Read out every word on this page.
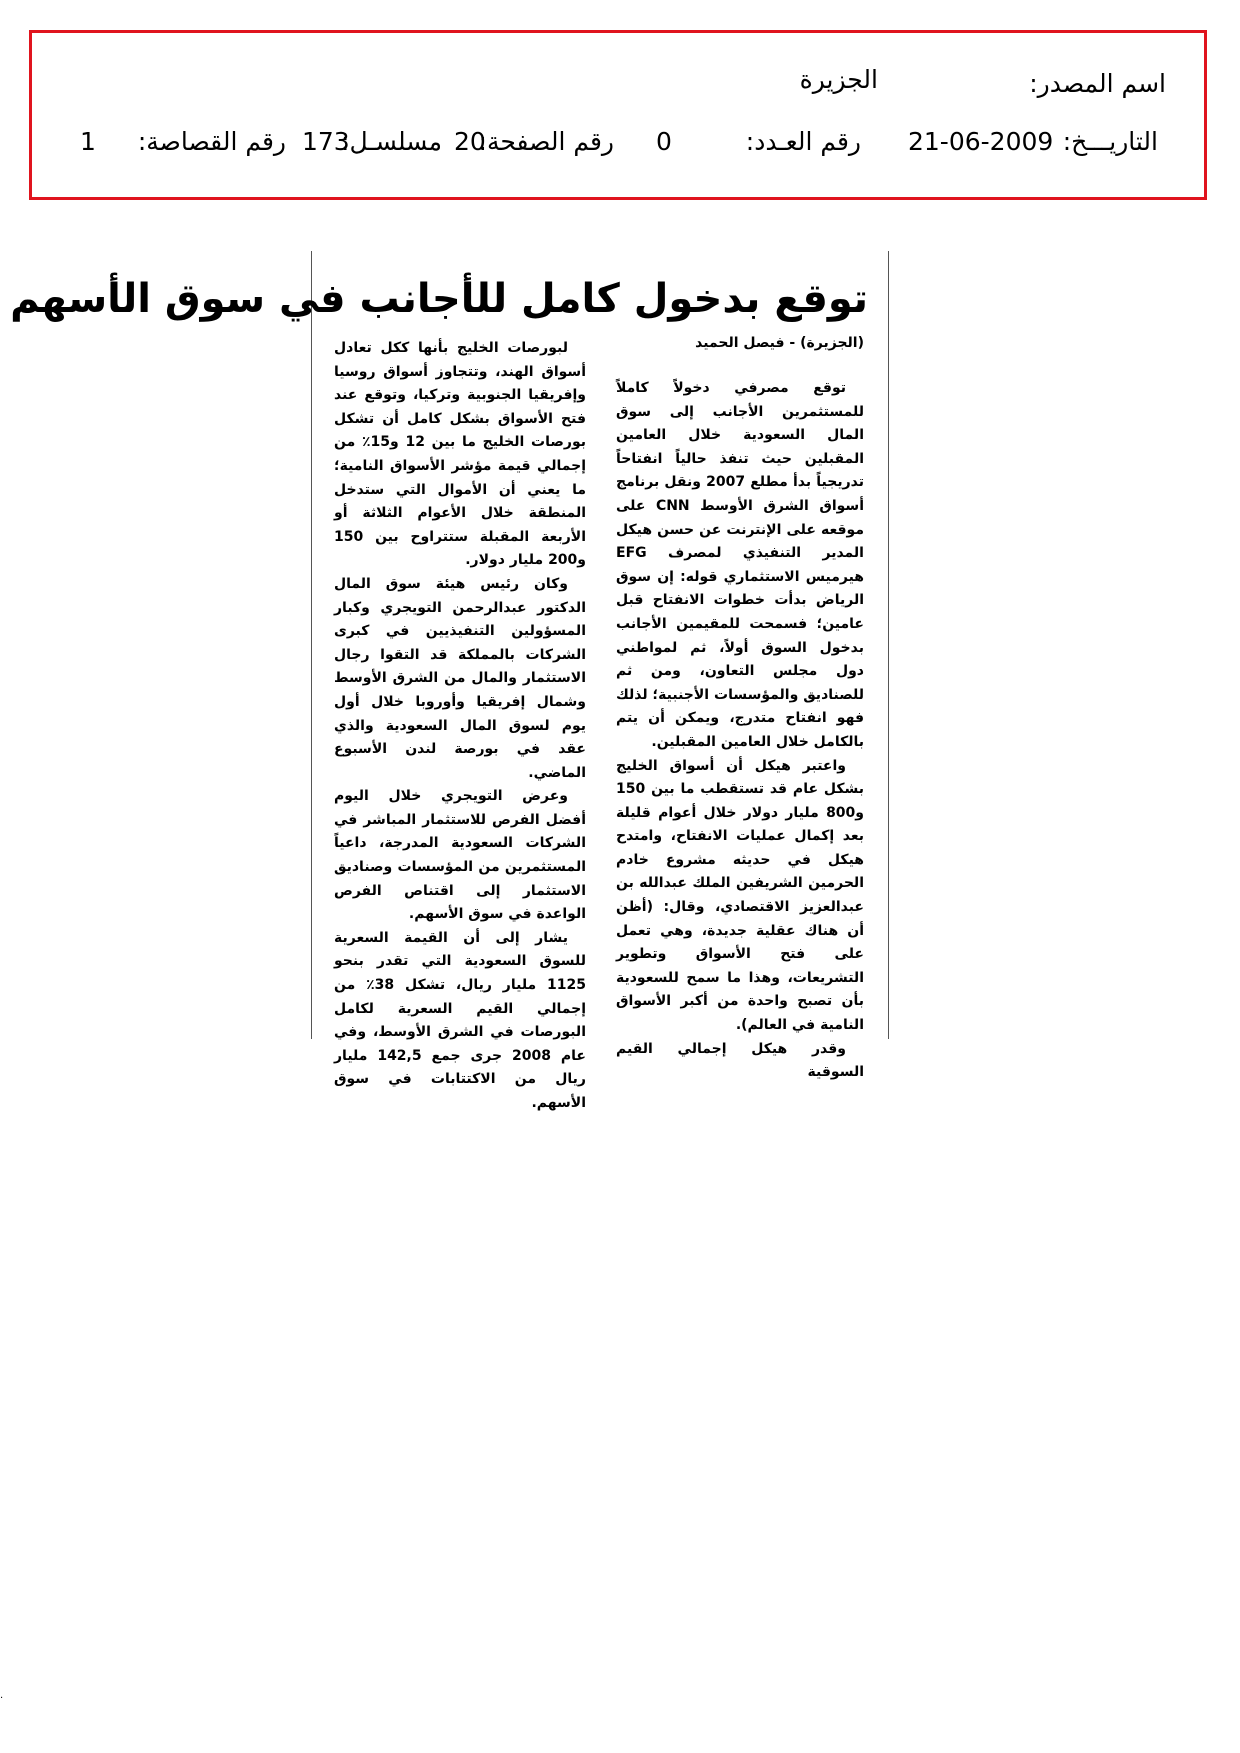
اسم المصدر:
الجزيرة
التاريـــخ:
21-06-2009
رقم العـدد:
0
رقم الصفحة:
20
مسلسـل:
173
رقم القصاصة:
1
توقع بدخول كامل للأجانب في سوق الأسهم
(الجزيرة) - فيصل الحميد

توقع مصرفي دخولاً كاملاً للمستثمرين الأجانب إلى سوق المال السعودية خلال العامين المقبلين حيث تنفذ حالياً انفتاحاً تدريجياً بدأ مطلع 2007 ونقل برنامج أسواق الشرق الأوسط CNN على موقعه على الإنترنت عن حسن هيكل المدير التنفيذي لمصرف EFG هيرميس الاستثماري قوله: إن سوق الرياض بدأت خطوات الانفتاح قبل عامين؛ فسمحت للمقيمين الأجانب بدخول السوق أولاً، ثم لمواطني دول مجلس التعاون، ومن ثم للصناديق والمؤسسات الأجنبية؛ لذلك فهو انفتاح متدرج، ويمكن أن يتم بالكامل خلال العامين المقبلين.

واعتبر هيكل أن أسواق الخليج بشكل عام قد تستقطب ما بين 150 و800 مليار دولار خلال أعوام قليلة بعد إكمال عمليات الانفتاح، وامتدح هيكل في حديثه مشروع خادم الحرمين الشريفين الملك عبدالله بن عبدالعزيز الاقتصادي، وقال: (أظن أن هناك عقلية جديدة، وهي تعمل على فتح الأسواق وتطوير التشريعات، وهذا ما سمح للسعودية بأن تصبح واحدة من أكبر الأسواق النامية في العالم).

وقدر هيكل إجمالي القيم السوقية

لبورصات الخليج بأنها ككل تعادل أسواق الهند، وتتجاوز أسواق روسيا وإفريقيا الجنوبية وتركيا، وتوقع عند فتح الأسواق بشكل كامل أن تشكل بورصات الخليج ما بين 12 و15٪ من إجمالي قيمة مؤشر الأسواق النامية؛ ما يعني أن الأموال التي ستدخل المنطقة خلال الأعوام الثلاثة أو الأربعة المقبلة ستتراوح بين 150 و200 مليار دولار.

وكان رئيس هيئة سوق المال الدكتور عبدالرحمن التويجري وكبار المسؤولين التنفيذيين في كبرى الشركات بالمملكة قد التقوا رجال الاستثمار والمال من الشرق الأوسط وشمال إفريقيا وأوروبا خلال أول يوم لسوق المال السعودية والذي عقد في بورصة لندن الأسبوع الماضي.

وعرض التويجري خلال اليوم أفضل الفرص للاستثمار المباشر في الشركات السعودية المدرجة، داعياً المستثمرين من المؤسسات وصناديق الاستثمار إلى اقتناص الفرص الواعدة في سوق الأسهم.

يشار إلى أن القيمة السعرية للسوق السعودية التي تقدر بنحو 1125 مليار ريال، تشكل 38٪ من إجمالي القيم السعرية لكامل البورصات في الشرق الأوسط، وفي عام 2008 جرى جمع 142,5 مليار ريال من الاكتتابات في سوق الأسهم.

.
